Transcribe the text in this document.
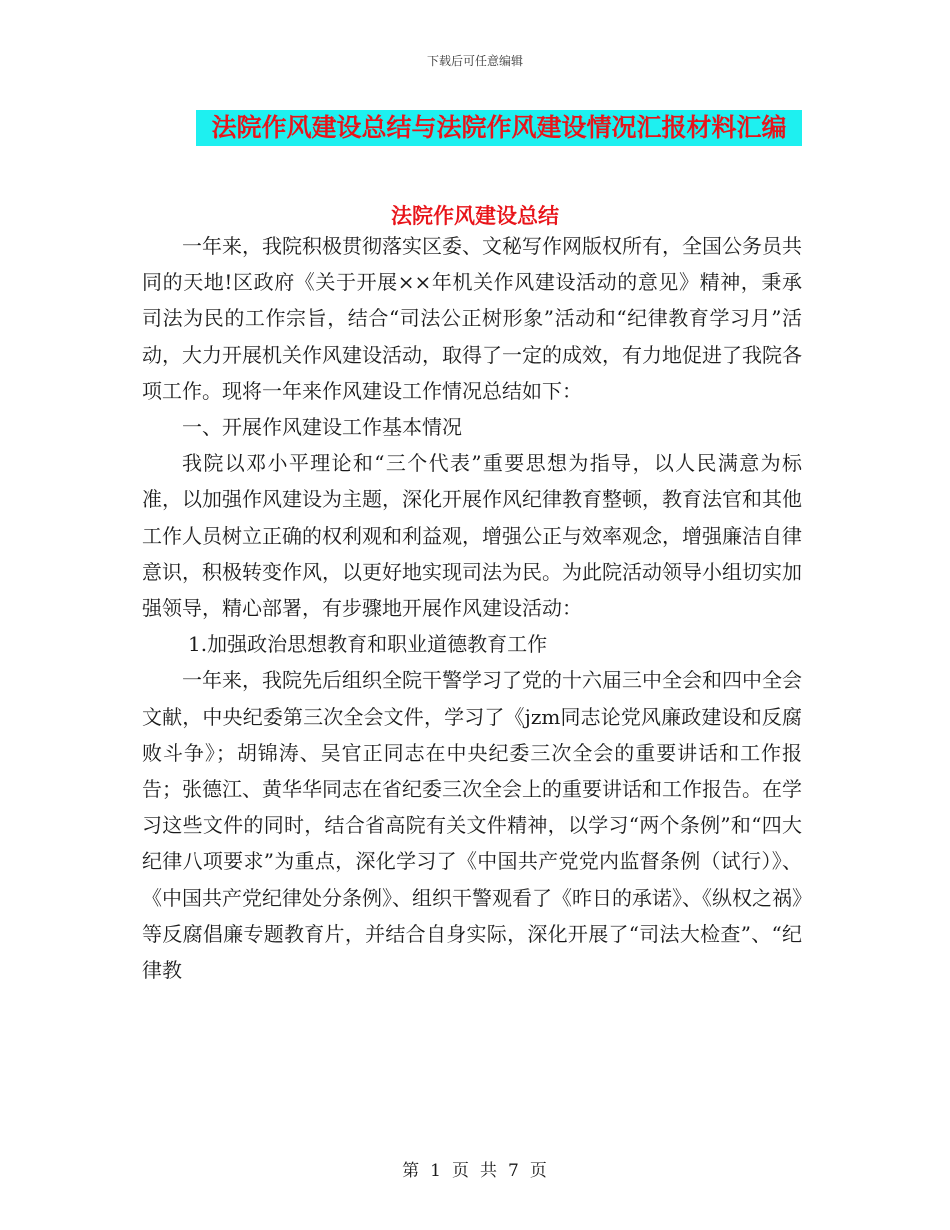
下载后可任意编辑
法院作风建设总结与法院作风建设情况汇报材料汇编
法院作风建设总结

一年来，我院积极贯彻落实区委、文秘写作网版权所有，全国公务员共同的天地!区政府《关于开展××年机关作风建设活动的意见》精神，秉承司法为民的工作宗旨，结合“司法公正树形象”活动和“纪律教育学习月”活动，大力开展机关作风建设活动，取得了一定的成效，有力地促进了我院各项工作。现将一年来作风建设工作情况总结如下：

一、开展作风建设工作基本情况

我院以邓小平理论和“三个代表”重要思想为指导，以人民满意为标准，以加强作风建设为主题，深化开展作风纪律教育整顿，教育法官和其他工作人员树立正确的权利观和利益观，增强公正与效率观念，增强廉洁自律意识，积极转变作风，以更好地实现司法为民。为此院活动领导小组切实加强领导，精心部署，有步骤地开展作风建设活动：

1.加强政治思想教育和职业道德教育工作

一年来，我院先后组织全院干警学习了党的十六届三中全会和四中全会文献，中央纪委第三次全会文件，学习了《jzm同志论党风廉政建设和反腐败斗争》；胡锦涛、吴官正同志在中央纪委三次全会的重要讲话和工作报告；张德江、黄华华同志在省纪委三次全会上的重要讲话和工作报告。在学习这些文件的同时，结合省高院有关文件精神，以学习“两个条例”和“四大纪律八项要求”为重点，深化学习了《中国共产党党内监督条例（试行）》、《中国共产党纪律处分条例》、组织干警观看了《昨日的承诺》、《纵权之祸》等反腐倡廉专题教育片，并结合自身实际，深化开展了“司法大检查”、“纪律教

第 1 页 共 7 页
